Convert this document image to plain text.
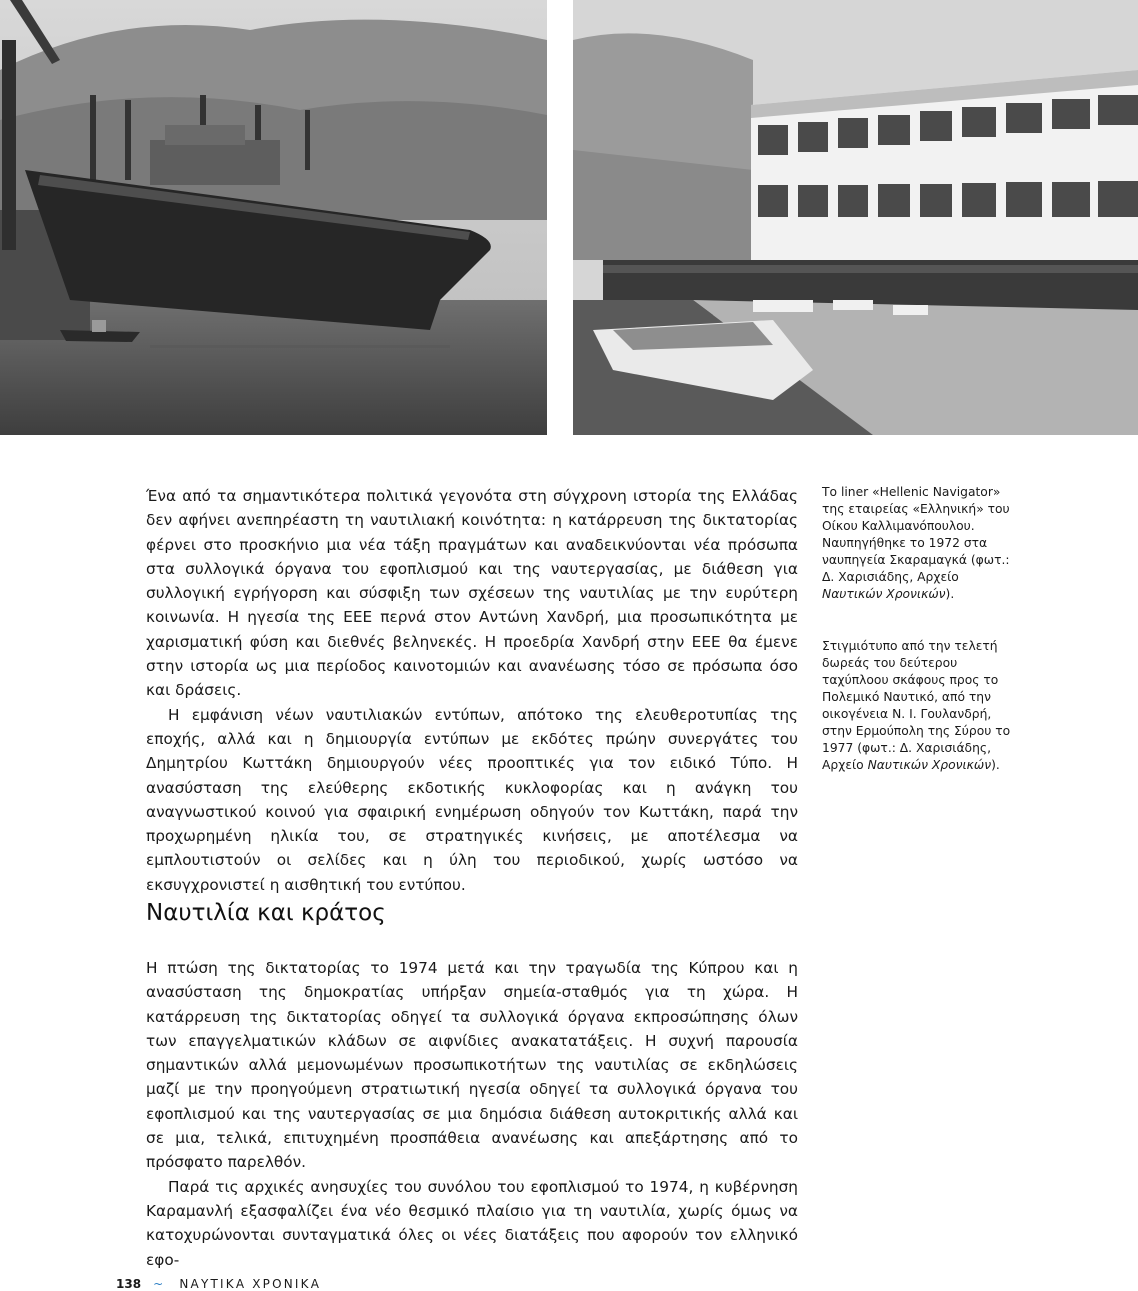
Ένα από τα σημαντικότερα πολιτικά γεγονότα στη σύγχρονη ιστορία της Ελλάδας δεν αφήνει ανεπηρέαστη τη ναυτιλιακή κοινότητα: η κατάρρευση της δικτατορίας φέρνει στο προσκήνιο μια νέα τάξη πραγμάτων και αναδεικνύονται νέα πρόσωπα στα συλλογικά όργανα του εφοπλισμού και της ναυτεργασίας, με διάθεση για συλλογική εγρήγορση και σύσφιξη των σχέσεων της ναυτιλίας με την ευρύτερη κοινωνία. Η ηγεσία της ΕΕΕ περνά στον Αντώνη Χανδρή, μια προσωπικότητα με χαρισματική φύση και διεθνές βεληνεκές. Η προεδρία Χανδρή στην ΕΕΕ θα έμενε στην ιστορία ως μια περίοδος καινοτομιών και ανανέωσης τόσο σε πρόσωπα όσο και δράσεις.

Η εμφάνιση νέων ναυτιλιακών εντύπων, απότοκο της ελευθεροτυπίας της εποχής, αλλά και η δημιουργία εντύπων με εκδότες πρώην συνεργάτες του Δημητρίου Κωττάκη δημιουργούν νέες προοπτικές για τον ειδικό Τύπο. Η ανασύσταση της ελεύθερης εκδοτικής κυκλοφορίας και η ανάγκη του αναγνωστικού κοινού για σφαιρική ενημέρωση οδηγούν τον Κωττάκη, παρά την προχωρημένη ηλικία του, σε στρατηγικές κινήσεις, με αποτέλεσμα να εμπλουτιστούν οι σελίδες και η ύλη του περιοδικού, χωρίς ωστόσο να εκσυγχρονιστεί η αισθητική του εντύπου.

Το liner «Hellenic Navigator» της εταιρείας «Ελληνική» του Οίκου Καλλιμανόπουλου. Ναυπηγήθηκε το 1972 στα ναυπηγεία Σκαραμαγκά (φωτ.: Δ. Χαρισιάδης, Αρχείο Ναυτικών Χρονικών).

Στιγμιότυπο από την τελετή δωρεάς του δεύτερου ταχύπλοου σκάφους προς το Πολεμικό Ναυτικό, από την οικογένεια Ν. Ι. Γουλανδρή, στην Ερμούπολη της Σύρου το 1977 (φωτ.: Δ. Χαρισιάδης, Αρχείο Ναυτικών Χρονικών).

Ναυτιλία και κράτος

Η πτώση της δικτατορίας το 1974 μετά και την τραγωδία της Κύπρου και η ανασύσταση της δημοκρατίας υπήρξαν σημεία-σταθμός για τη χώρα. Η κατάρρευση της δικτατορίας οδηγεί τα συλλογικά όργανα εκπροσώπησης όλων των επαγγελματικών κλάδων σε αιφνίδιες ανακατατάξεις. Η συχνή παρουσία σημαντικών αλλά μεμονωμένων προσωπικοτήτων της ναυτιλίας σε εκδηλώσεις μαζί με την προηγούμενη στρατιωτική ηγεσία οδηγεί τα συλλογικά όργανα του εφοπλισμού και της ναυτεργασίας σε μια δημόσια διάθεση αυτοκριτικής αλλά και σε μια, τελικά, επιτυχημένη προσπάθεια ανανέωσης και απεξάρτησης από το πρόσφατο παρελθόν.

Παρά τις αρχικές ανησυχίες του συνόλου του εφοπλισμού το 1974, η κυβέρνηση Καραμανλή εξασφαλίζει ένα νέο θεσμικό πλαίσιο για τη ναυτιλία, χωρίς όμως να κατοχυρώνονται συνταγματικά όλες οι νέες διατάξεις που αφορούν τον ελληνικό εφο-

138 ~ ΝΑΥΤΙΚΑ ΧΡΟΝΙΚΑ
